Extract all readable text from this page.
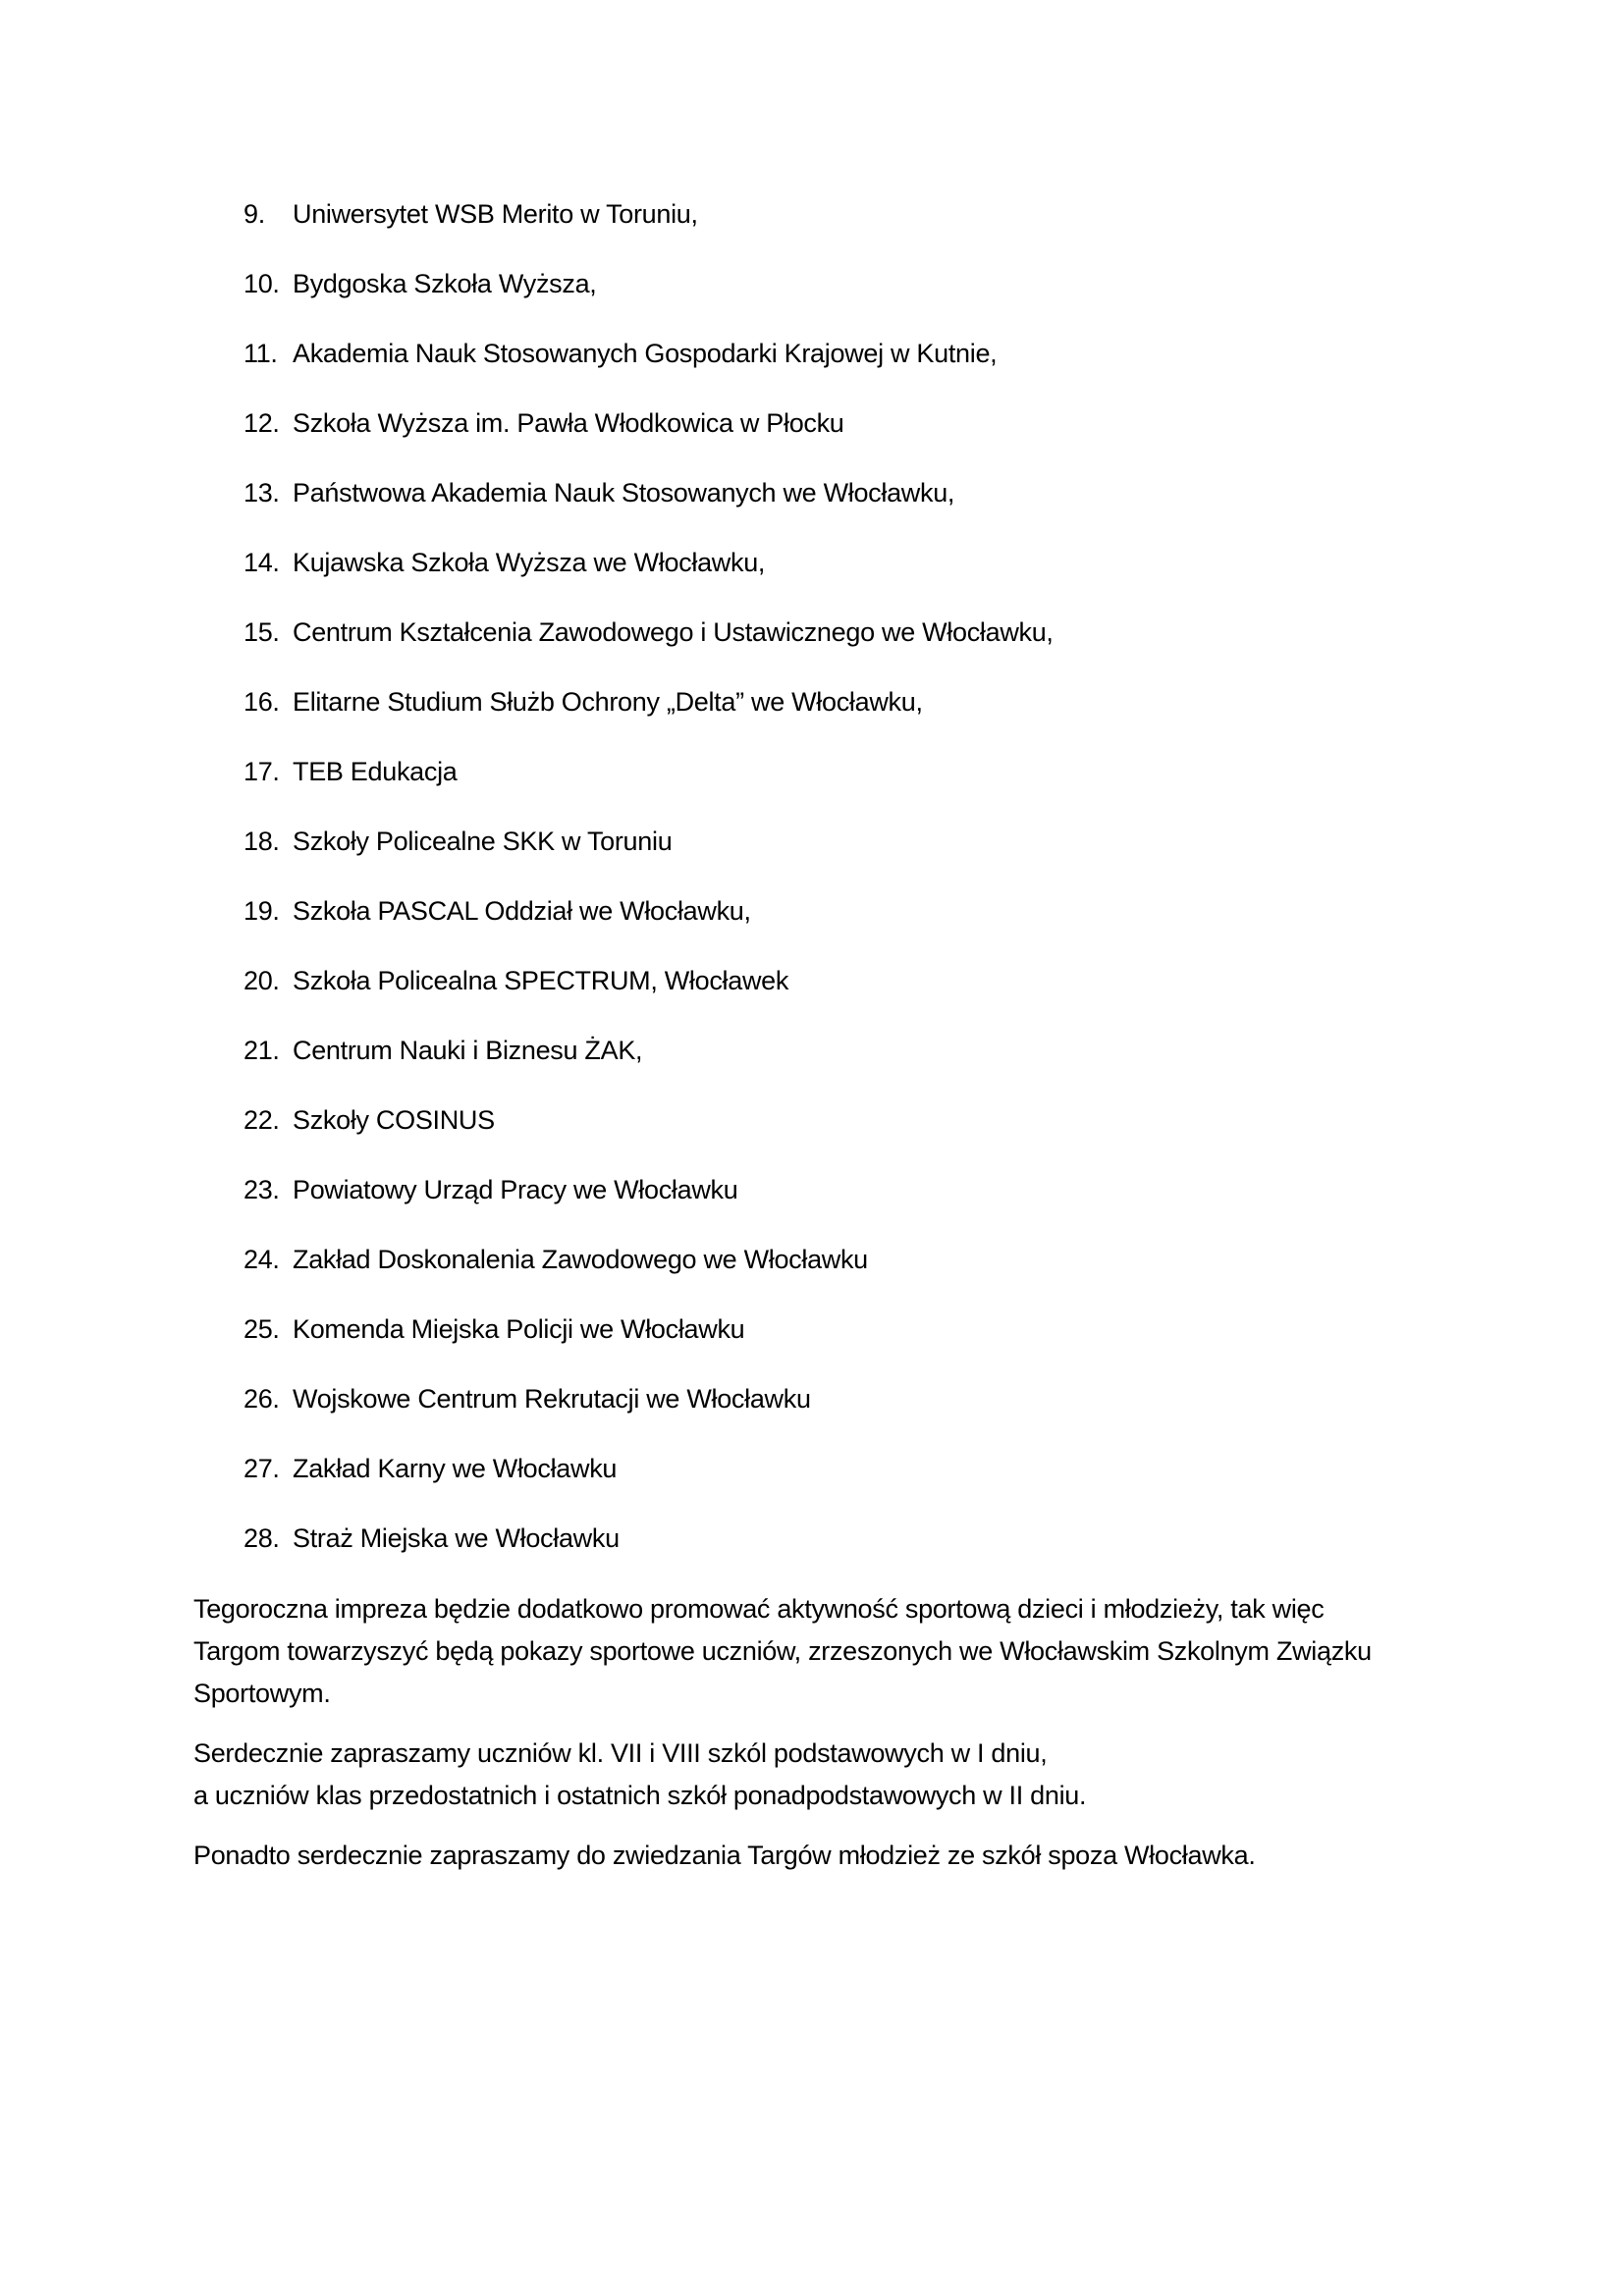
9.	Uniwersytet WSB Merito w Toruniu,
10. Bydgoska Szkoła Wyższa,
11. Akademia Nauk Stosowanych Gospodarki Krajowej w Kutnie,
12. Szkoła Wyższa im. Pawła Włodkowica w Płocku
13. Państwowa Akademia Nauk Stosowanych we Włocławku,
14. Kujawska Szkoła Wyższa we Włocławku,
15. Centrum Kształcenia Zawodowego i Ustawicznego we Włocławku,
16. Elitarne Studium Służb Ochrony „Delta” we Włocławku,
17. TEB Edukacja
18. Szkoły Policealne SKK w Toruniu
19. Szkoła PASCAL Oddział we Włocławku,
20. Szkoła Policealna SPECTRUM, Włocławek
21. Centrum Nauki i Biznesu ŻAK,
22. Szkoły COSINUS
23. Powiatowy Urząd Pracy we Włocławku
24. Zakład Doskonalenia Zawodowego we Włocławku
25. Komenda Miejska Policji we Włocławku
26. Wojskowe Centrum Rekrutacji we Włocławku
27. Zakład Karny we Włocławku
28. Straż Miejska we Włocławku

Tegoroczna impreza będzie dodatkowo promować aktywność sportową dzieci i młodzieży, tak więc
Targom towarzyszyć będą pokazy sportowe uczniów, zrzeszonych we Włocławskim Szkolnym Związku
Sportowym.

Serdecznie zapraszamy uczniów kl. VII i VIII szkól podstawowych w I dniu,
a uczniów klas przedostatnich i ostatnich szkół ponadpodstawowych w II dniu.

Ponadto serdecznie zapraszamy do zwiedzania Targów młodzież ze szkół spoza Włocławka.
